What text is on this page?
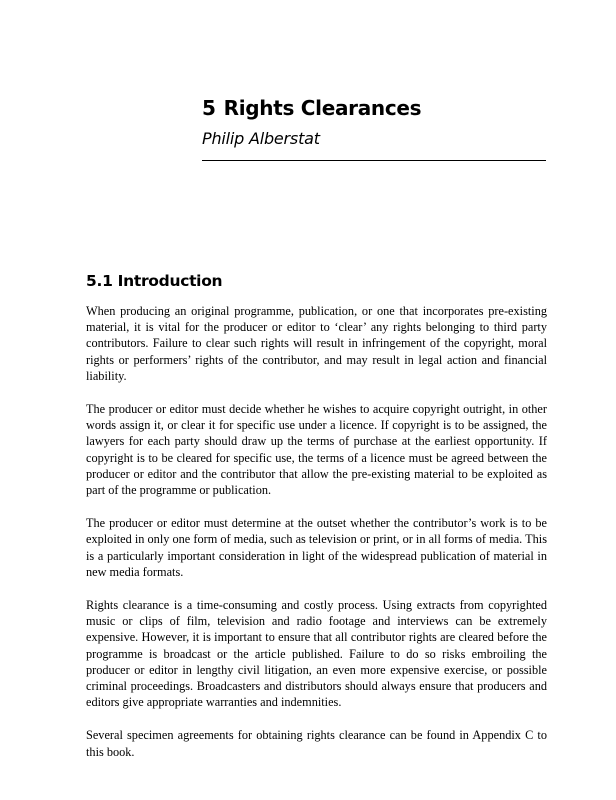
5 Rights Clearances

Philip Alberstat

5.1 Introduction

When producing an original programme, publication, or one that incorporates pre-existing material, it is vital for the producer or editor to ‘clear’ any rights belonging to third party contributors. Failure to clear such rights will result in infringement of the copyright, moral rights or performers’ rights of the contributor, and may result in legal action and financial liability.

The producer or editor must decide whether he wishes to acquire copyright outright, in other words assign it, or clear it for specific use under a licence. If copyright is to be assigned, the lawyers for each party should draw up the terms of purchase at the earliest opportunity. If copyright is to be cleared for specific use, the terms of a licence must be agreed between the producer or editor and the contributor that allow the pre-existing material to be exploited as part of the programme or publication.

The producer or editor must determine at the outset whether the contributor’s work is to be exploited in only one form of media, such as television or print, or in all forms of media. This is a particularly important consideration in light of the widespread publication of material in new media formats.

Rights clearance is a time-consuming and costly process. Using extracts from copyrighted music or clips of film, television and radio footage and interviews can be extremely expensive. However, it is important to ensure that all contributor rights are cleared before the programme is broadcast or the article published. Failure to do so risks embroiling the producer or editor in lengthy civil litigation, an even more expensive exercise, or possible criminal proceedings. Broadcasters and distributors should always ensure that producers and editors give appropriate warranties and indemnities.

Several specimen agreements for obtaining rights clearance can be found in Appendix C to this book.
